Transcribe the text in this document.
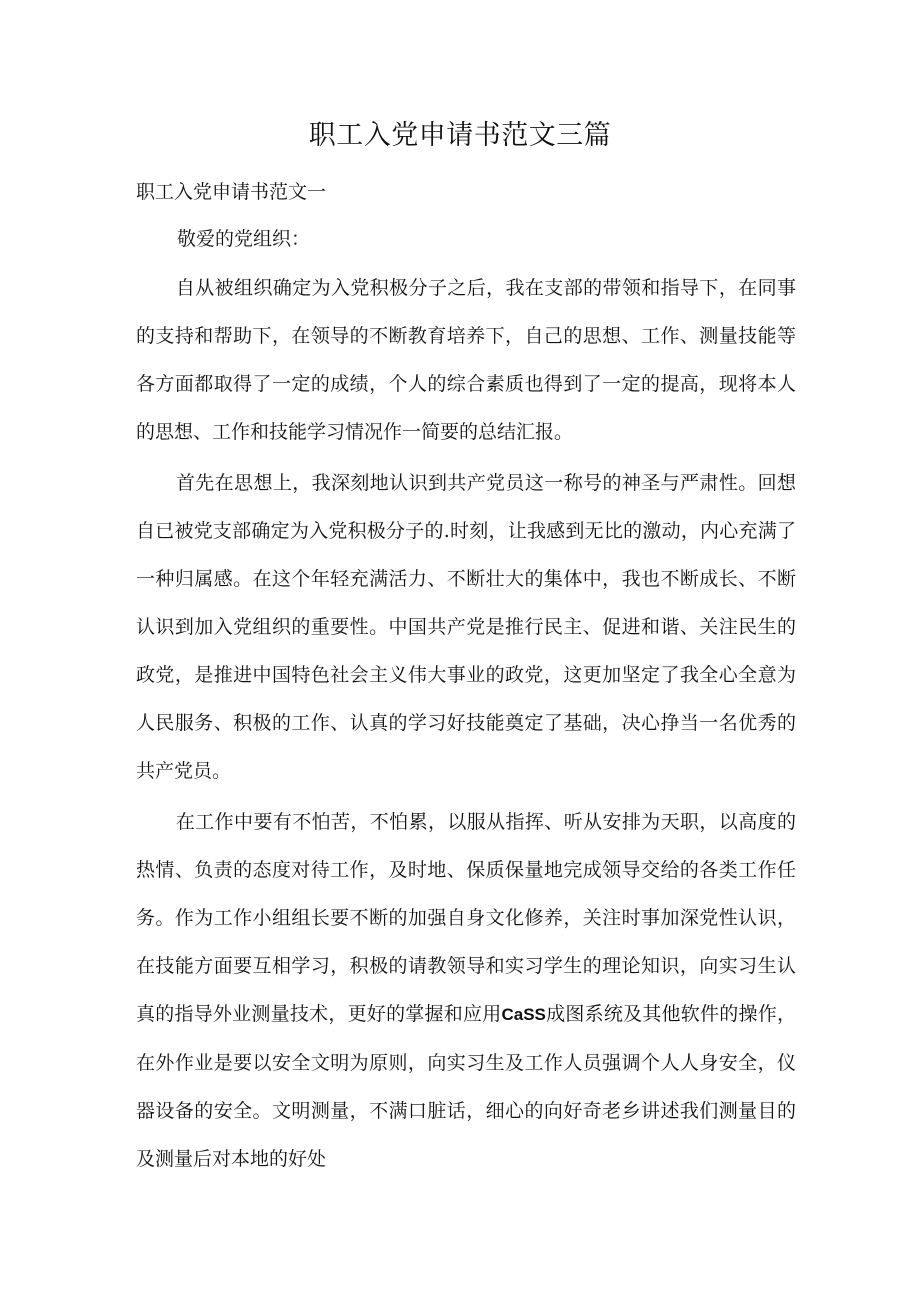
职工入党申请书范文三篇

职工入党申请书范文一

敬爱的党组织：

自从被组织确定为入党积极分子之后，我在支部的带领和指导下，在同事的支持和帮助下，在领导的不断教育培养下，自己的思想、工作、测量技能等各方面都取得了一定的成绩，个人的综合素质也得到了一定的提高，现将本人的思想、工作和技能学习情况作一简要的总结汇报。

首先在思想上，我深刻地认识到共产党员这一称号的神圣与严肃性。回想自已被党支部确定为入党积极分子的.时刻，让我感到无比的激动，内心充满了一种归属感。在这个年轻充满活力、不断壮大的集体中，我也不断成长、不断认识到加入党组织的重要性。中国共产党是推行民主、促进和谐、关注民生的政党，是推进中国特色社会主义伟大事业的政党，这更加坚定了我全心全意为人民服务、积极的工作、认真的学习好技能奠定了基础，决心挣当一名优秀的共产党员。

在工作中要有不怕苦，不怕累，以服从指挥、听从安排为天职，以高度的热情、负责的态度对待工作，及时地、保质保量地完成领导交给的各类工作任务。作为工作小组组长要不断的加强自身文化修养，关注时事加深党性认识，在技能方面要互相学习，积极的请教领导和实习学生的理论知识，向实习生认真的指导外业测量技术，更好的掌握和应用CaSS成图系统及其他软件的操作，在外作业是要以安全文明为原则，向实习生及工作人员强调个人人身安全，仪器设备的安全。文明测量，不满口脏话，细心的向好奇老乡讲述我们测量目的及测量后对本地的好处
